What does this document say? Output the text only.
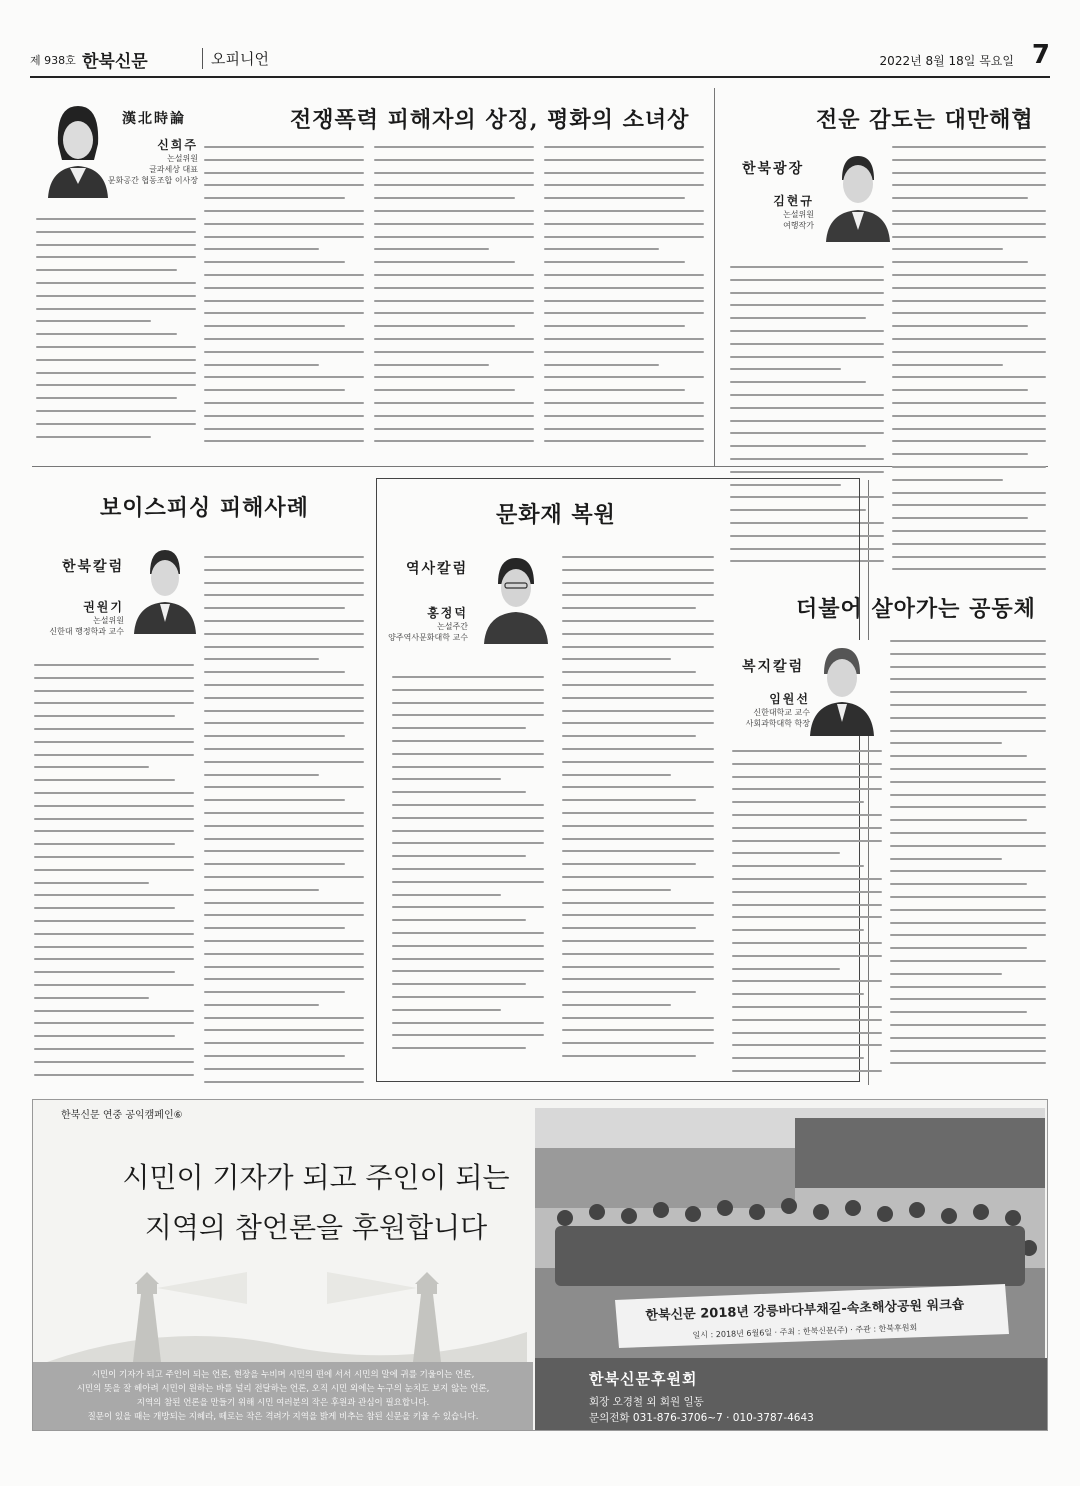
제 938호 한북신문	오피니언	2022년 8월 18일 목요일 7
漢北時論	전쟁폭력 피해자의 상징, 평화의 소녀상
신희주
논설위원
글과세상 대표
문화공간 협동조합 이사장
전운 감도는 대만해협
한북광장
김현규
논설위원
여행작가
보이스피싱 피해사례
한북칼럼
권원기
논설위원
신한대 행정학과 교수
문화재 복원
역사칼럼
홍정덕
논설주간
양주역사문화대학 교수
더불어 살아가는 공동체
복지칼럼
임원선
신한대학교 교수
사회과학대학 학장
한북신문 연중 공익캠페인⑥
시민이 기자가 되고 주인이 되는
지역의 참언론을 후원합니다
시민이 기자가 되고 주인이 되는 언론, 현장을 누비며 시민의 편에 서서 시민의 말에 귀를 기울이는 언론,
시민의 뜻을 잘 헤아려 시민이 원하는 바를 널리 전달하는 언론, 오직 시민 외에는 누구의 눈치도 보지 않는 언론,
지역의 참된 언론을 만들기 위해 시민 여러분의 작은 후원과 관심이 필요합니다.
질문이 있을 때는 개방되는 지혜라, 떼로는 작은 격려가 지역을 밝게 비추는 참된 신문을 키울 수 있습니다.
한북신문 2018년 강릉바다부채길-속초해상공원 워크숍
일시 : 2018년 6월6일 · 주최 : 한북신문(주) · 주관 : 한북후원회
한북신문후원회
회장 오경철 외 회원 일동
문의전화 031-876-3706~7 · 010-3787-4643
